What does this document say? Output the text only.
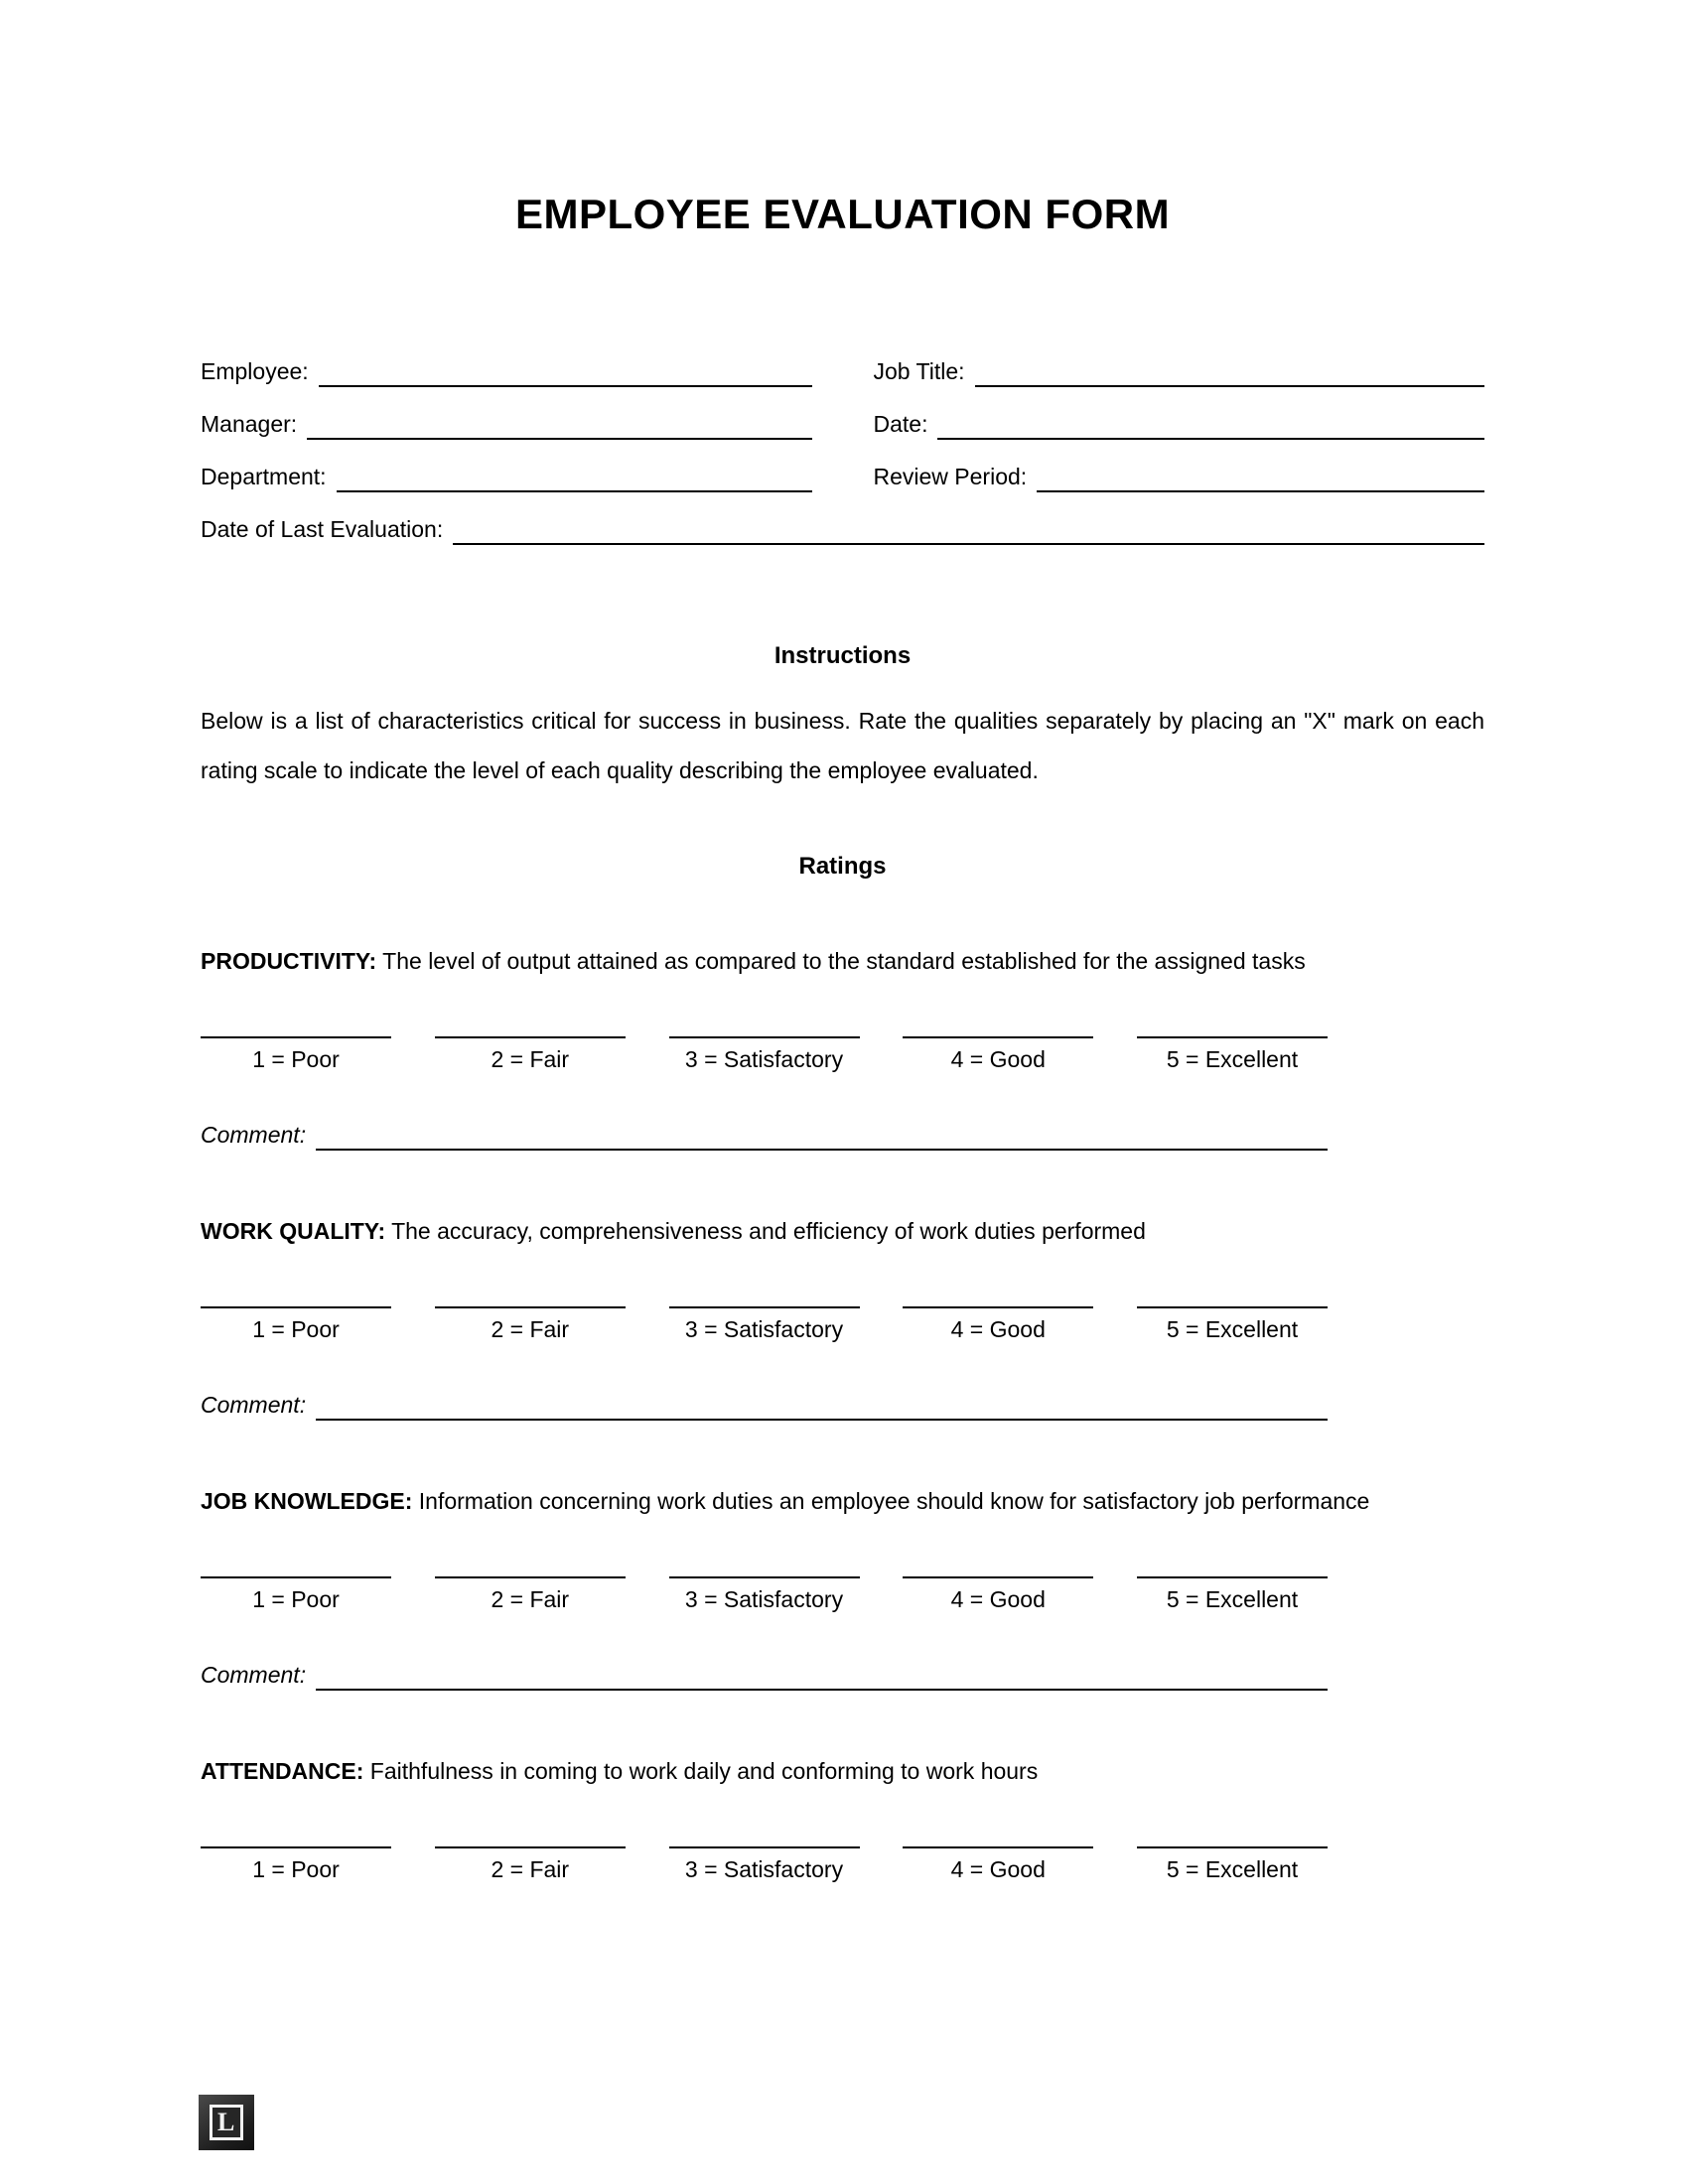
EMPLOYEE EVALUATION FORM
Employee:	Job Title:
Manager:	Date:
Department:	Review Period:
Date of Last Evaluation:
Instructions
Below is a list of characteristics critical for success in business. Rate the qualities separately by placing an "X" mark on each rating scale to indicate the level of each quality describing the employee evaluated.
Ratings
PRODUCTIVITY: The level of output attained as compared to the standard established for the assigned tasks
1 = Poor	2 = Fair	3 = Satisfactory	4 = Good	5 = Excellent
Comment:
WORK QUALITY: The accuracy, comprehensiveness and efficiency of work duties performed
1 = Poor	2 = Fair	3 = Satisfactory	4 = Good	5 = Excellent
Comment:
JOB KNOWLEDGE: Information concerning work duties an employee should know for satisfactory job performance
1 = Poor	2 = Fair	3 = Satisfactory	4 = Good	5 = Excellent
Comment:
ATTENDANCE: Faithfulness in coming to work daily and conforming to work hours
1 = Poor	2 = Fair	3 = Satisfactory	4 = Good	5 = Excellent
L
